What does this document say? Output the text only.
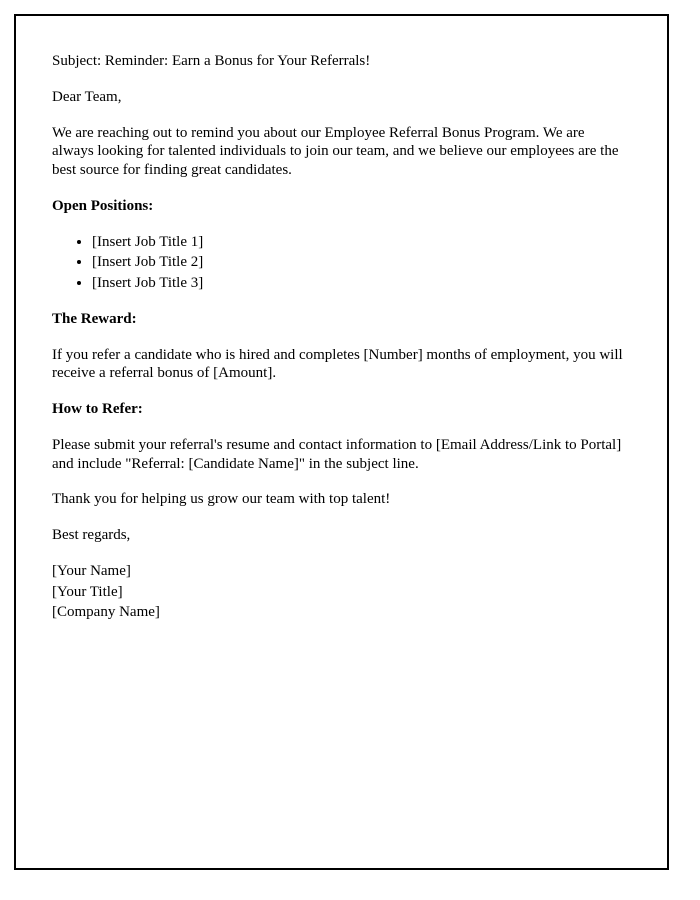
Subject: Reminder: Earn a Bonus for Your Referrals!

Dear Team,

We are reaching out to remind you about our Employee Referral Bonus Program. We are always looking for talented individuals to join our team, and we believe our employees are the best source for finding great candidates.

Open Positions:

• [Insert Job Title 1]
• [Insert Job Title 2]
• [Insert Job Title 3]

The Reward:

If you refer a candidate who is hired and completes [Number] months of employment, you will receive a referral bonus of [Amount].

How to Refer:

Please submit your referral's resume and contact information to [Email Address/Link to Portal] and include "Referral: [Candidate Name]" in the subject line.

Thank you for helping us grow our team with top talent!

Best regards,

[Your Name]

[Your Title]

[Company Name]
